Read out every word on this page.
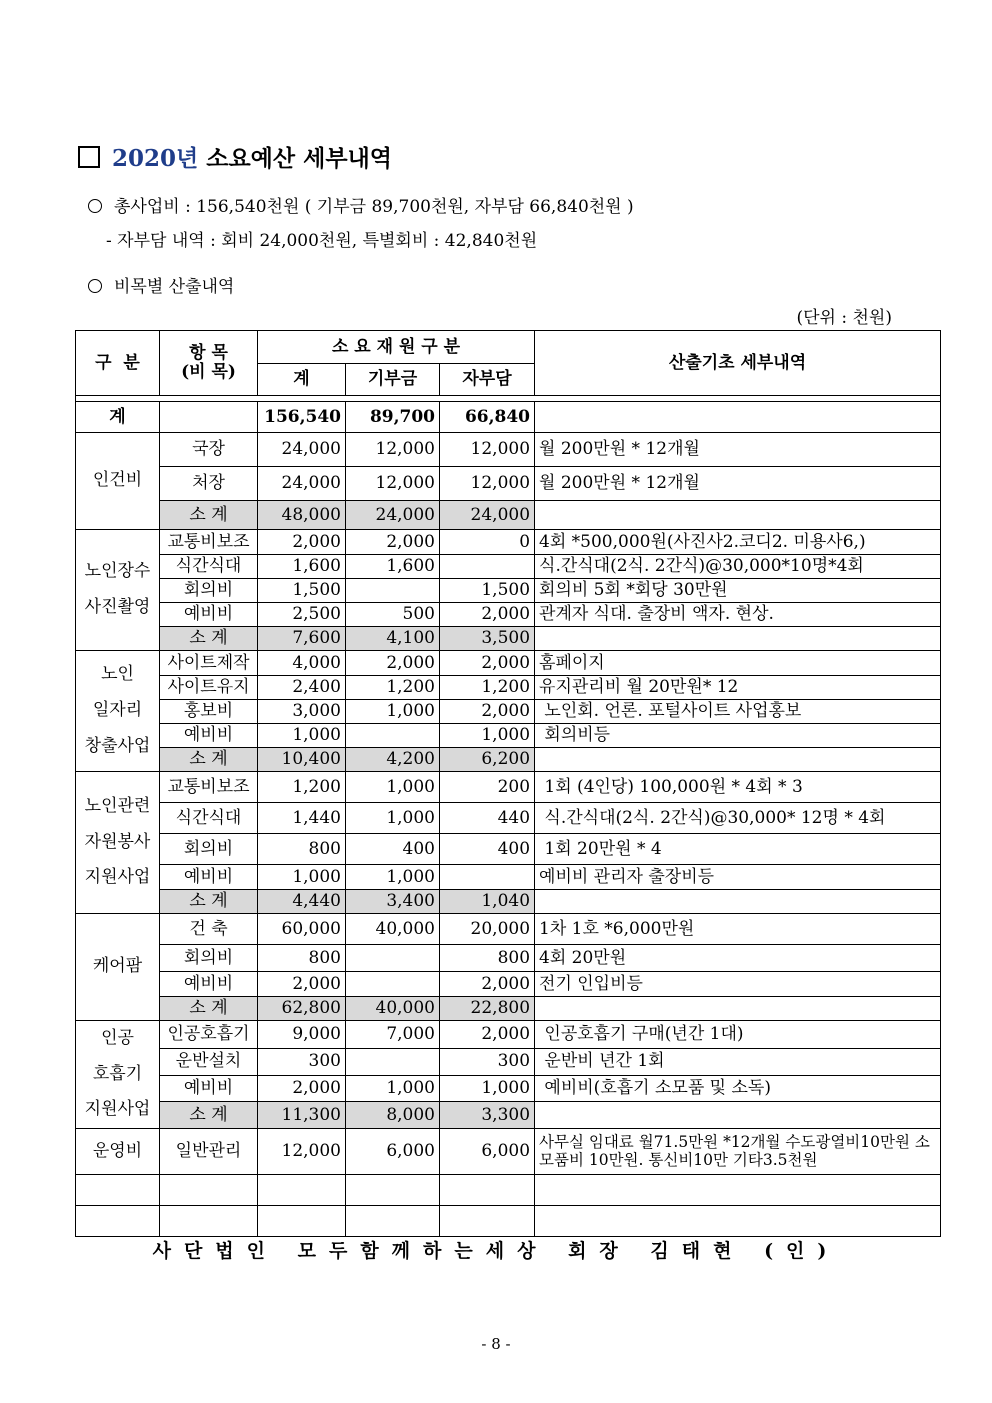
2020년 소요예산 세부내역
총사업비 : 156,540천원 ( 기부금 89,700천원, 자부담 66,840천원 )
- 자부담 내역 : 회비 24,000천원, 특별회비 : 42,840천원
비목별 산출내역
(단위 : 천원)
구  분	항 목
(비 목)	소 요 재 원 구 분			산출기초 세부내역
		계	기부금	자부담	

계		156,540	89,700	66,840	
인건비	국장	24,000	12,000	12,000	월 200만원 * 12개월
	처장	24,000	12,000	12,000	월 200만원 * 12개월
	소 계	48,000	24,000	24,000	
노인장수
사진촬영	교통비보조	2,000	2,000	0	4회 *500,000원(사진사2.코디2. 미용사6,)
	식간식대	1,600	1,600		식.간식대(2식. 2간식)@30,000*10명*4회
	회의비	1,500		1,500	회의비 5회 *회당 30만원
	예비비	2,500	500	2,000	관계자 식대. 출장비 액자. 현상.
	소 계	7,600	4,100	3,500	
노인
일자리
창출사업	사이트제작	4,000	2,000	2,000	홈페이지
	사이트유지	2,400	1,200	1,200	유지관리비 월 20만원* 12
	홍보비	3,000	1,000	2,000	노인회. 언론. 포털사이트 사업홍보
	예비비	1,000		1,000	회의비등
	소 계	10,400	4,200	6,200	
노인관련
자원봉사
지원사업	교통비보조	1,200	1,000	200	1회 (4인당) 100,000원 * 4회 * 3
	식간식대	1,440	1,000	440	식.간식대(2식. 2간식)@30,000* 12명 * 4회
	회의비	800	400	400	1회 20만원 * 4
	예비비	1,000	1,000		예비비 관리자 출장비등
	소 계	4,440	3,400	1,040	
케어팜	건 축	60,000	40,000	20,000	1차 1호 *6,000만원
	회의비	800		800	4회 20만원
	예비비	2,000		2,000	전기 인입비등
	소 계	62,800	40,000	22,800	
인공
호흡기
지원사업	인공호흡기	9,000	7,000	2,000	인공호흡기 구매(년간 1대)
	운반설치	300		300	운반비 년간 1회
	예비비	2,000	1,000	1,000	예비비(호흡기 소모품 및 소독)
	소 계	11,300	8,000	3,300	
운영비	일반관리	12,000	6,000	6,000	사무실 임대료 월71.5만원 *12개월 수도광열비10만원 소모품비 10만원. 통신비10만 기타3.5천원

사단법인 모두함께하는세상 회장 김태현 (인)
- 8 -
